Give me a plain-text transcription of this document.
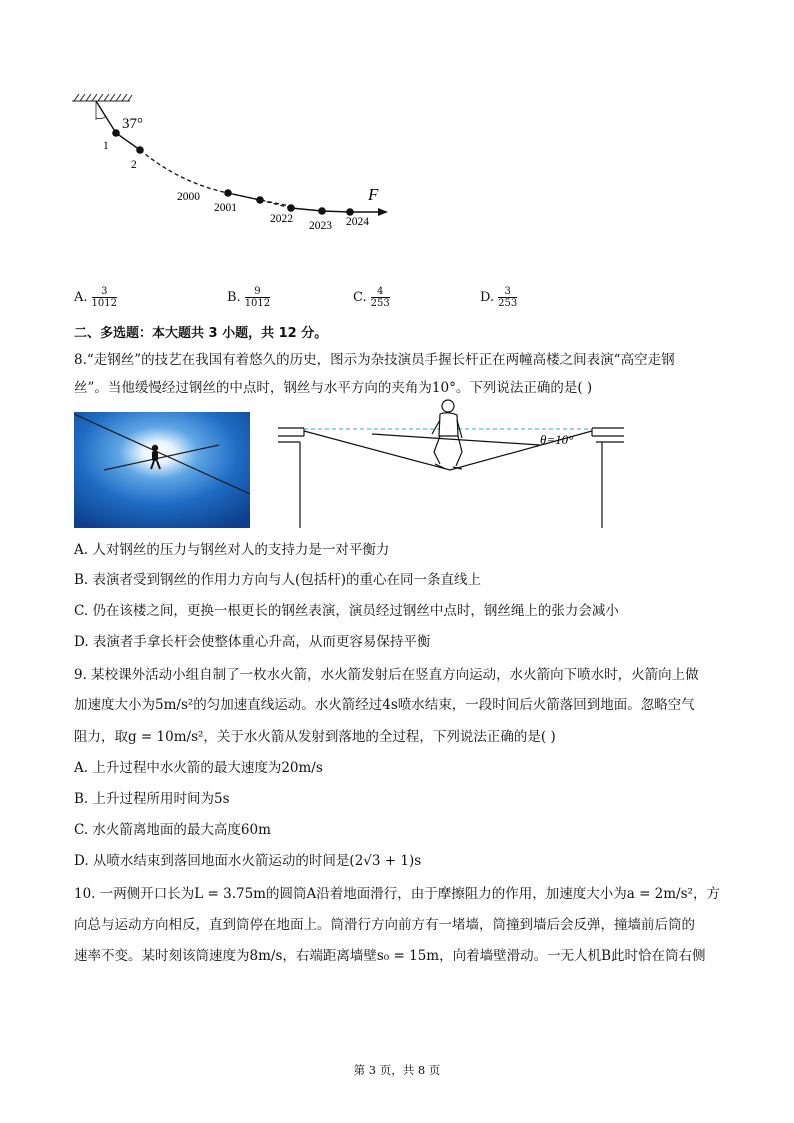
37°
1
2
2000
2001
2022
2023 2024
F
A. $\frac{3}{1012}$	B. $\frac{9}{1012}$	C. $\frac{4}{253}$	D. $\frac{3}{253}$
二、多选题：本大题共 3 小题，共 12 分。
8.“走钢丝”的技艺在我国有着悠久的历史，图示为杂技演员手握长杆正在两幢高楼之间表演“高空走钢
丝”。当他缓慢经过钢丝的中点时，钢丝与水平方向的夹角为10°。下列说法正确的是( )
θ=10°
A. 人对钢丝的压力与钢丝对人的支持力是一对平衡力
B. 表演者受到钢丝的作用力方向与人(包括杆)的重心在同一条直线上
C. 仍在该楼之间，更换一根更长的钢丝表演，演员经过钢丝中点时，钢丝绳上的张力会减小
D. 表演者手拿长杆会使整体重心升高，从而更容易保持平衡
9. 某校课外活动小组自制了一枚水火箭，水火箭发射后在竖直方向运动，水火箭向下喷水时，火箭向上做
加速度大小为5m/s²的匀加速直线运动。水火箭经过4s喷水结束，一段时间后火箭落回到地面。忽略空气
阻力，取g = 10m/s²，关于水火箭从发射到落地的全过程，下列说法正确的是( )
A. 上升过程中水火箭的最大速度为20m/s
B. 上升过程所用时间为5s
C. 水火箭离地面的最大高度60m
D. 从喷水结束到落回地面水火箭运动的时间是(2√3 + 1)s
10. 一两侧开口长为L = 3.75m的圆筒A沿着地面滑行，由于摩擦阻力的作用，加速度大小为a = 2m/s²，方
向总与运动方向相反，直到筒停在地面上。筒滑行方向前方有一堵墙，筒撞到墙后会反弹，撞墙前后筒的
速率不变。某时刻该筒速度为8m/s，右端距离墙壁s₀ = 15m，向着墙壁滑动。一无人机B此时恰在筒右侧
第 3 页，共 8 页
